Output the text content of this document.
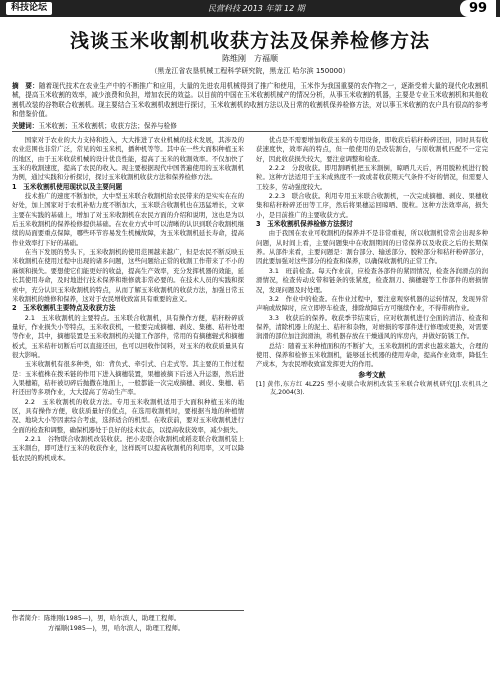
科技论坛	民营科技 2013 年第 12 期	99
浅谈玉米收割机收获方法及保养检修方法
陈维刚　方福顺
（黑龙江省农垦机械工程科学研究院，黑龙江 哈尔滨 150000）
摘　要：随着现代技术在农业生产中的不断推广和应用，大量的先进农用机械得到了推广和使用，玉米作为我国重要的农作物之一，逐渐受着大量的现代化收割机械，提高玉米收割的效率，减少浪费和负担，增加农民的效益。以目前的中国在玉米收割机械产的情况分析，从事玉米收割的机器，主要是专业玉米收割机和其他收割机改装的谷物联合收割机。现主要结合玉米收割机收割进行探讨，玉米收割机的收割方法以及日常的收割机保养检修方法，对以事玉米收割的农户具有很高的参考和借鉴价值。
关键词：玉米收割；玉米收割机；收获方法；保养与检修

国家对于农业的大力支持和投入，大大推进了农业机械的技术发展，其涉及的农业范围也非常广泛，常见的如玉米机，播种机等等。其中在一些大面积种植玉米的地区，由于玉米收获机械的设计优良性能，提高了玉米的收割效率。不仅加快了玉米的收割速度，提高了农民的收入。现主要根据现代中国普遍使用的玉米收割机为例，通过实践和分析探讨，探讨玉米收割机收获方法和保养检修方法。

1　玉米收割机使用现状以及主要问题

技术推广的速度不断加快，大中型玉米联合收割机给农民带来的是实实在在的好处，加上国家对于农机补贴力度不断加大，玉米联合收割机也在迅猛增长，文章主要在实践的基础上，增加了对玉米收割机在农民方面的介绍和说明，这也是为以后玉米收割机的保养检修提供基础。在农业方式中可以清晰的认识到联合收割机继续的局面要重点保障，哪些环节容易发生机械故障，为玉米收割机延长寿命，提高作业效率打下好的基础。

在当下发展的势头下，玉米收割机的使用范围越来越广，但是农民不断反映玉米收割机在使用过程中出现的诸多问题，这些问题给正常的收割工作带来了不小的麻烦和损失。要想使它们能更好的收益，提高生产效率，充分发挥机器的效能，延长其使用寿命，及时地进行技术保养和维修就非常必要的。在技术人员的实践和探索中，充分认识玉米收割机的特点，从而了解玉米收割机的收获方法，加强日常玉米收割机的维修和保养，这对于农民增收致富具有重要的意义。

2　玉米收割机主要特点及收获方法

2.1　玉米收割机的主要特点。玉米联合收割机，具有操作方便，秸秆粉碎质量好，作业损失小等特点，玉米收获机，一般要完成摘穗、剥皮、集穗、秸秆处理等作业，其中，摘穗装置是玉米收割机的关键工作部件，常用的有摘穗辊式和摘穗板式，玉米秸秆切断后可以直接还田，也可以回收作饲料，对玉米的收获质量具有很大影响。

玉米收割机有很多种类，如：背负式、牵引式、自走式等。其主要的工作过程是：玉米植株在拨禾链的作用下进入摘穗装置，果穗被摘下后送入升运器，然后进入果穗箱，秸秆被切碎后抛撒在地面上，一般都能一次完成摘穗、剥皮、集穗、秸秆还田等多项作业，大大提高了劳动生产率。

2.2　玉米收割机的收获方法。专用玉米收割机适用于大面积种植玉米的地区，具有操作方便，收获质量好的优点，在选用收割机时，要根据当地的种植情况、地块大小等因素综合考虑，选择适合的机型。在收获前，要对玉米收割机进行全面的检查和调整，确保机器处于良好的技术状态，以提高收获效率，减少损失。

2.2.1　谷物联合收割机改装收获。把小麦联合收割机或稻麦联合收割机装上玉米割台，即可进行玉米的收获作业，这样既可以提高收割机的利用率，又可以降低农民的购机成本。

优点是不需要增加收获玉米的专用设备，即收获后秸秆粉碎还田，同时具有收获速度快，效率高的特点，但一般使用的是改装割台，与原收割机匹配不一定完好，因此收获损失较大，要注意调整和检查。

2.2.2　分段收获。即用割晒机把玉米割倒，晾晒几天后，再用脱粒机进行脱粒。这种方法适用于玉米成熟度不一致或者收获期天气条件不好的情况，但需要人工较多，劳动强度较大。

2.2.3　联合收获。利用专用玉米联合收割机，一次完成摘穗、剥皮、果穗收集和秸秆粉碎还田等工序，然后将果穗运回晾晒、脱粒。这种方法效率高，损失小，是目前推广的主要收获方式。

3　玉米收割机保养检修方法探讨

由于我国在农业可收割机的保养并不是非常重视，所以收割机常常会出现多种问题，从时间上看，主要问题集中在收割期间的日常保养以及收获之后的长期保养。从部件来看，主要问题是：割台部分、输送部分、脱粒部分和秸秆粉碎部分，因此要加强对这些部分的检查和保养，以确保收割机的正常工作。

3.1　班前检查。每天作业前，应检查各部件的紧固情况，检查各润滑点的润滑情况，检查传动皮带和链条的张紧度，检查割刀、摘穗辊等工作部件的磨损情况，发现问题及时处理。

3.2　作业中的检查。在作业过程中，要注意观察机器的运转情况，发现异常声响或故障时，应立即停车检查，排除故障后方可继续作业，不得带病作业。

3.3　收获后的保养。收获季节结束后，应对收割机进行全面的清洁、检查和保养，清除机器上的泥土、秸秆和杂物，对磨损的零部件进行修理或更换，对需要润滑的部位加注润滑油，将机器存放在干燥通风的库房内，并做好防锈工作。

总结：随着玉米种植面积的不断扩大，玉米收割机的需求也越来越大，合理的使用、保养和检修玉米收割机，能够延长机器的使用寿命，提高作业效率，降低生产成本，为农民增收致富发挥更大的作用。

参考文献
[1] 黄伟,东方红 4LZ25 型小麦联合收割机改装玉米联合收割机研究[J].农机具之友,2004(3).
作者简介：陈维刚(1985—)，男，哈尔滨人，助理工程师。
方福顺(1985—)，男，哈尔滨人，助理工程师。
